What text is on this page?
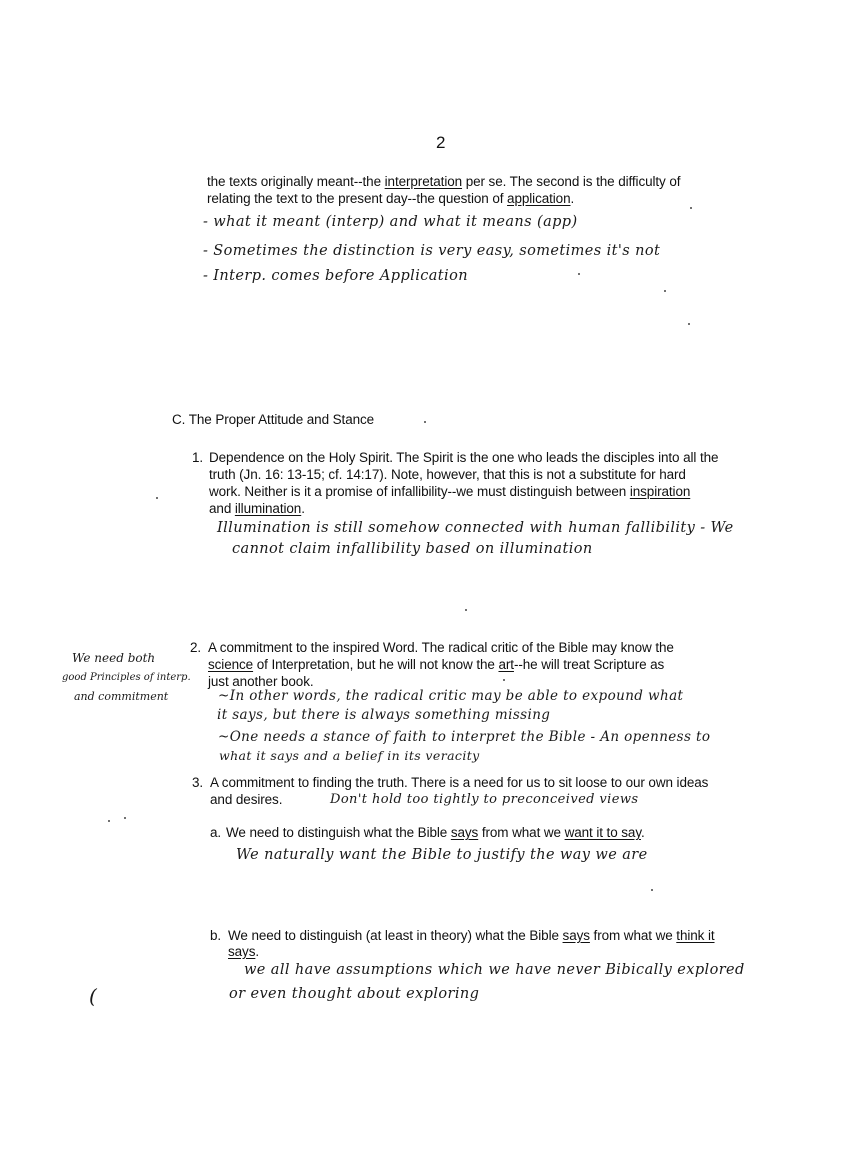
2
the texts originally meant--the interpretation per se. The second is the difficulty of
relating the text to the present day--the question of application.
- what it meant (interp) and what it means (app)
- Sometimes the distinction is very easy, sometimes it's not
- Interp. comes before Application
C. The Proper Attitude and Stance
1. Dependence on the Holy Spirit. The Spirit is the one who leads the disciples into all the
truth (Jn. 16: 13-15; cf. 14:17). Note, however, that this is not a substitute for hard
work. Neither is it a promise of infallibility--we must distinguish between inspiration
and illumination.
Illumination is still somehow connected with human fallibility - We
cannot claim infallibility based on illumination
2. A commitment to the inspired Word. The radical critic of the Bible may know the
science of Interpretation, but he will not know the art--he will treat Scripture as
just another book.
We need both
good Principles of interp.
and commitment	~In other words, the radical critic may be able to expound what
it says, but there is always something missing
~One needs a stance of faith to interpret the Bible - An openness to
what it says and a belief in its veracity
3. A commitment to finding the truth. There is a need for us to sit loose to our own ideas
and desires.	Don't hold too tightly to preconceived views
a. We need to distinguish what the Bible says from what we want it to say.
We naturally want the Bible to justify the way we are
b. We need to distinguish (at least in theory) what the Bible says from what we think it
says.
we all have assumptions which we have never Bibically explored
or even thought about exploring
(
